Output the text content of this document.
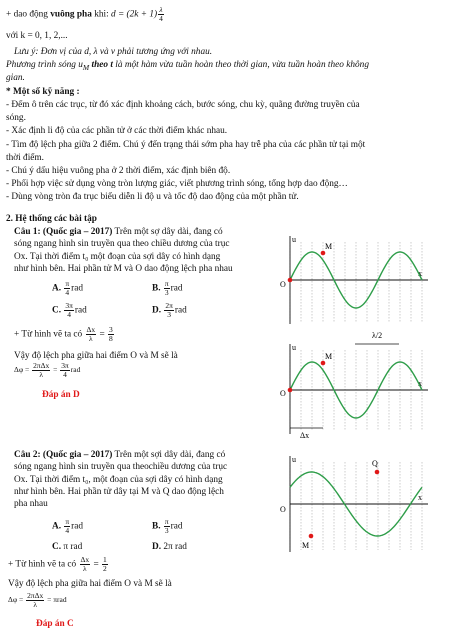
+ dao động vuông pha khi: $d = (2k + 1) \frac{\lambda}{4}$
với k = 0, 1, 2,...
Lưu ý: Đơn vị của d, λ và v phải tương ứng với nhau.
Phương trình sóng $u_M$ theo t là một hàm vừa tuần hoàn theo thời gian, vừa tuần hoàn theo không
gian.
* Một số kỹ năng :
- Đếm ô trên các trục, từ đó xác định khoảng cách, bước sóng, chu kỳ, quãng đường truyền của
sóng.
- Xác định li độ của các phần tử ở các thời điểm khác nhau.
- Tìm độ lệch pha giữa 2 điểm. Chú ý đến trạng thái sớm pha hay trễ pha của các phần tử tại một
thời điểm.
- Chú ý dấu hiệu vuông pha ở 2 thời điểm, xác định biên độ.
- Phối hợp việc sử dụng vòng tròn lượng giác, viết phương trình sóng, tổng hợp dao động…
- Dùng vòng tròn đa trục biểu diễn li độ u và tốc độ dao động của một phần tử.
2. Hệ thống các bài tập
Câu 1: (Quốc gia – 2017) Trên một sợ dây dài, đang có
sóng ngang hình sin truyền qua theo chiều dương của trục
Ox. Tại thời điểm t₀ một đoạn của sợi dây có hình dạng
như hình bên. Hai phần tử M và O dao động lệch pha nhau
A. $\frac{\pi}{4}$ rad	B. $\frac{\pi}{3}$ rad
C. $\frac{3\pi}{4}$ rad	D. $\frac{2\pi}{3}$ rad
+ Từ hình vẽ ta có $\frac{\Delta x}{\lambda} = \frac{3}{8}$
Vậy độ lệch pha giữa hai điểm O và M sẽ là
$\Delta\varphi = \frac{\text{2πΔx}}{\lambda} = \frac{3\pi}{4}$ rad
Đáp án D
Câu 2: (Quốc gia – 2017) Trên một sợi dây dài, đang có
sóng ngang hình sin truyền qua theochiều dương của trục
Ox. Tại thời điểm t₀, một đoạn của sợi dây có hình dạng
như hình bên. Hai phần tử dây tại M và Q dao động lệch
pha nhau
A. $\frac{\pi}{4}$ rad	B. $\frac{\pi}{3}$ rad
C. π rad	D. 2π rad
+ Từ hình vẽ ta có $\frac{\Delta x}{\lambda} = \frac{1}{2}$
Vậy độ lệch pha giữa hai điểm O và M sẽ là
$\Delta\varphi = \frac{\text{2πΔx}}{\lambda} = \pi rad$
Đáp án C
u
x
O
M
λ/2
u
x
O
M
Δx
u
x
O
M
Q
